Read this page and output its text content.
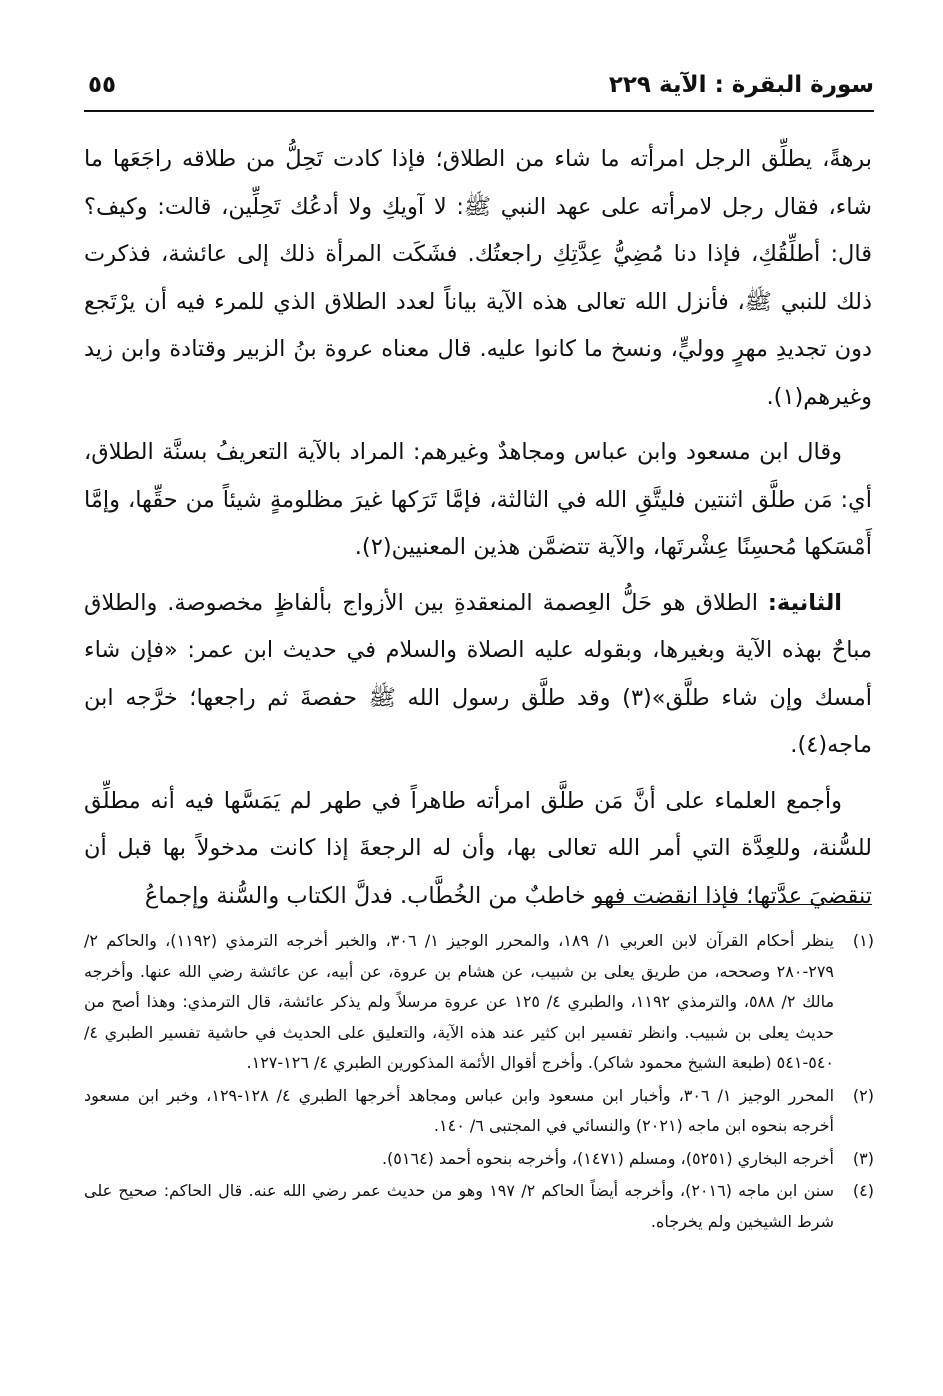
سورة البقرة : الآية ٢٢٩
٥٥

برهةً، يطلِّق الرجل امرأته ما شاء من الطلاق؛ فإذا كادت تَحِلُّ من طلاقه راجَعَها ما شاء، فقال رجل لامرأته على عهد النبي ﷺ: لا آويكِ ولا أدعُك تَحِلِّين، قالت: وكيف؟ قال: أطلِّقُكِ، فإذا دنا مُضِيُّ عِدَّتِكِ راجعتُك. فشَكَت المرأة ذلك إلى عائشة، فذكرت ذلك للنبي ﷺ، فأنزل الله تعالى هذه الآية بياناً لعدد الطلاق الذي للمرء فيه أن يرْتَجع دون تجديدِ مهرٍ ووليٍّ، ونسخ ما كانوا عليه. قال معناه عروة بنُ الزبير وقتادة وابن زيد وغيرهم(١).

وقال ابن مسعود وابن عباس ومجاهدٌ وغيرهم: المراد بالآية التعريفُ بسنَّة الطلاق، أي: مَن طلَّق اثنتين فليتَّقِ الله في الثالثة، فإمَّا تَرَكها غيرَ مظلومةٍ شيئاً من حقِّها، وإمَّا أَمْسَكها مُحسِنًا عِشْرتَها، والآية تتضمَّن هذين المعنيين(٢).

الثانية: الطلاق هو حَلُّ العِصمة المنعقدةِ بين الأزواج بألفاظٍ مخصوصة. والطلاق مباحٌ بهذه الآية وبغيرها، وبقوله عليه الصلاة والسلام في حديث ابن عمر: «فإن شاء أمسك وإن شاء طلَّق»(٣) وقد طلَّق رسول الله ﷺ حفصةَ ثم راجعها؛ خرَّجه ابن ماجه(٤).

وأجمع العلماء على أنَّ مَن طلَّق امرأته طاهراً في طهر لم يَمَسَّها فيه أنه مطلِّق للسُّنة، وللعِدَّة التي أمر الله تعالى بها، وأن له الرجعةَ إذا كانت مدخولاً بها قبل أن تنقضيَ عدَّتها؛ فإذا انقضت فهو خاطبٌ من الخُطَّاب. فدلَّ الكتاب والسُّنة وإجماعُ

(١)
ينظر أحكام القرآن لابن العربي ١/ ١٨٩، والمحرر الوجيز ١/ ٣٠٦، والخبر أخرجه الترمذي (١١٩٢)، والحاكم ٢/ ٢٧٩-٢٨٠ وصححه، من طريق يعلى بن شبيب، عن هشام بن عروة، عن أبيه، عن عائشة رضي الله عنها. وأخرجه مالك ٢/ ٥٨٨، والترمذي ١١٩٢، والطبري ٤/ ١٢٥ عن عروة مرسلاً ولم يذكر عائشة، قال الترمذي: وهذا أصح من حديث يعلى بن شبيب. وانظر تفسير ابن كثير عند هذه الآية، والتعليق على الحديث في حاشية تفسير الطبري ٤/ ٥٤٠-٥٤١ (طبعة الشيخ محمود شاكر). وأخرج أقوال الأئمة المذكورين الطبري ٤/ ١٢٦-١٢٧.
(٢)
المحرر الوجيز ١/ ٣٠٦، وأخبار ابن مسعود وابن عباس ومجاهد أخرجها الطبري ٤/ ١٢٨-١٢٩، وخبر ابن مسعود أخرجه بنحوه ابن ماجه (٢٠٢١) والنسائي في المجتبى ٦/ ١٤٠.
(٣)
أخرجه البخاري (٥٢٥١)، ومسلم (١٤٧١)، وأخرجه بنحوه أحمد (٥١٦٤).
(٤)
سنن ابن ماجه (٢٠١٦)، وأخرجه أيضاً الحاكم ٢/ ١٩٧ وهو من حديث عمر رضي الله عنه. قال الحاكم: صحيح على شرط الشيخين ولم يخرجاه.
